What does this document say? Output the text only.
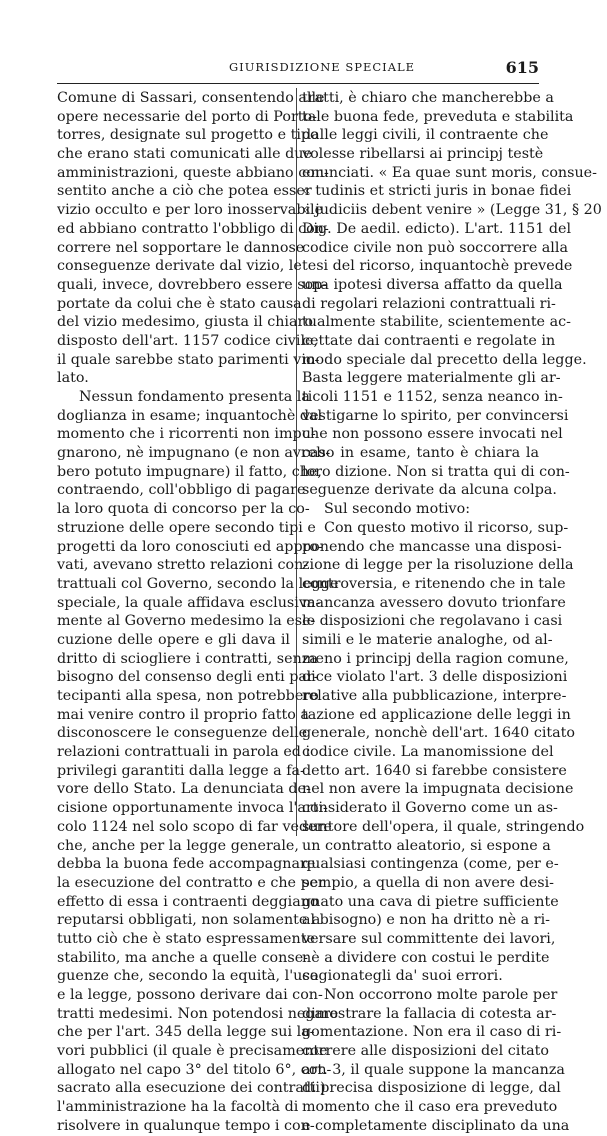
GIURISDIZIONE SPECIALE	615
Comune di Sassari, consentendo alle
opere necessarie del porto di Porto-
torres, designate sul progetto e tipo
che erano stati comunicati alle due
amministrazioni, queste abbiano con-
sentito anche a ciò che potea esser
vizio occulto e per loro inosservabile
ed abbiano contratto l'obbligo di con-
correre nel sopportare le dannose
conseguenze derivate dal vizio, le
quali, invece, dovrebbero essere sop-
portate da colui che è stato causa
del vizio medesimo, giusta il chiaro
disposto dell'art. 1157 codice civile,
il quale sarebbe stato parimenti vio-
lato.
Nessun fondamento presenta la
doglianza in esame; inquantochè dal
momento che i ricorrenti non impu-
gnarono, nè impugnano (e non avreb-
bero potuto impugnare) il fatto, che,
contraendo, coll'obbligo di pagare
la loro quota di concorso per la co-
struzione delle opere secondo tipi e
progetti da loro conosciuti ed appro-
vati, avevano stretto relazioni con-
trattuali col Governo, secondo la legge
speciale, la quale affidava esclusiva-
mente al Governo medesimo la ese-
cuzione delle opere e gli dava il
dritto di sciogliere i contratti, senza
bisogno del consenso degli enti par-
tecipanti alla spesa, non potrebbero
mai venire contro il proprio fatto a
disconoscere le conseguenze delle
relazioni contrattuali in parola ed i
privilegi garantiti dalla legge a fa-
vore dello Stato. La denunciata de-
cisione opportunamente invoca l'arti-
colo 1124 nel solo scopo di far vedere
che, anche per la legge generale,
debba la buona fede accompagnare
la esecuzione del contratto e che per
effetto di essa i contraenti deggiano
reputarsi obbligati, non solamente a
tutto ciò che è stato espressamente
stabilito, ma anche a quelle conse-
guenze che, secondo la equità, l'uso
e la legge, possono derivare dai con-
tratti medesimi. Non potendosi negare
che per l'art. 345 della legge sui la-
vori pubblici (il quale è precisamente
allogato nel capo 3° del titolo 6°, con-
sacrato alla esecuzione dei contratti)
l'amministrazione ha la facoltà di
risolvere in qualunque tempo i con-
tratti, è chiaro che mancherebbe a
tale buona fede, preveduta e stabilita
dalle leggi civili, il contraente che
volesse ribellarsi ai principj testè
enunciati. « Ea quae sunt moris, consue-
« tudinis et stricti juris in bonae fidei
« judiciis debent venire » (Legge 31, § 20
Dig. De aedil. edicto). L'art. 1151 del
codice civile non può soccorrere alla
tesi del ricorso, inquantochè prevede
una ipotesi diversa affatto da quella
di regolari relazioni contrattuali ri-
tualmente stabilite, scientemente ac-
cettate dai contraenti e regolate in
modo speciale dal precetto della legge.
Basta leggere materialmente gli ar-
ticoli 1151 e 1152, senza neanco in-
vestigarne lo spirito, per convincersi
che non possono essere invocati nel
caso in esame, tanto è chiara la
loro dizione. Non si tratta qui di con-
seguenze derivate da alcuna colpa.
Sul secondo motivo:
Con questo motivo il ricorso, sup-
ponendo che mancasse una disposi-
zione di legge per la risoluzione della
controversia, e ritenendo che in tale
mancanza avessero dovuto trionfare
le disposizioni che regolavano i casi
simili e le materie analoghe, od al-
meno i principj della ragion comune,
dice violato l'art. 3 delle disposizioni
relative alla pubblicazione, interpre-
tazione ed applicazione delle leggi in
generale, nonchè dell'art. 1640 citato
codice civile. La manomissione del
detto art. 1640 si farebbe consistere
nel non avere la impugnata decisione
considerato il Governo come un as-
suntore dell'opera, il quale, stringendo
un contratto aleatorio, si espone a
qualsiasi contingenza (come, per e-
sempio, a quella di non avere desi-
gnato una cava di pietre sufficiente
al bisogno) e non ha dritto nè a ri-
versare sul committente dei lavori,
nè a dividere con costui le perdite
cagionategli da' suoi errori.
Non occorrono molte parole per
dimostrare la fallacia di cotesta ar-
gomentazione. Non era il caso di ri-
correre alle disposizioni del citato
art. 3, il quale suppone la mancanza
di precisa disposizione di legge, dal
momento che il caso era preveduto
e completamente disciplinato da una
